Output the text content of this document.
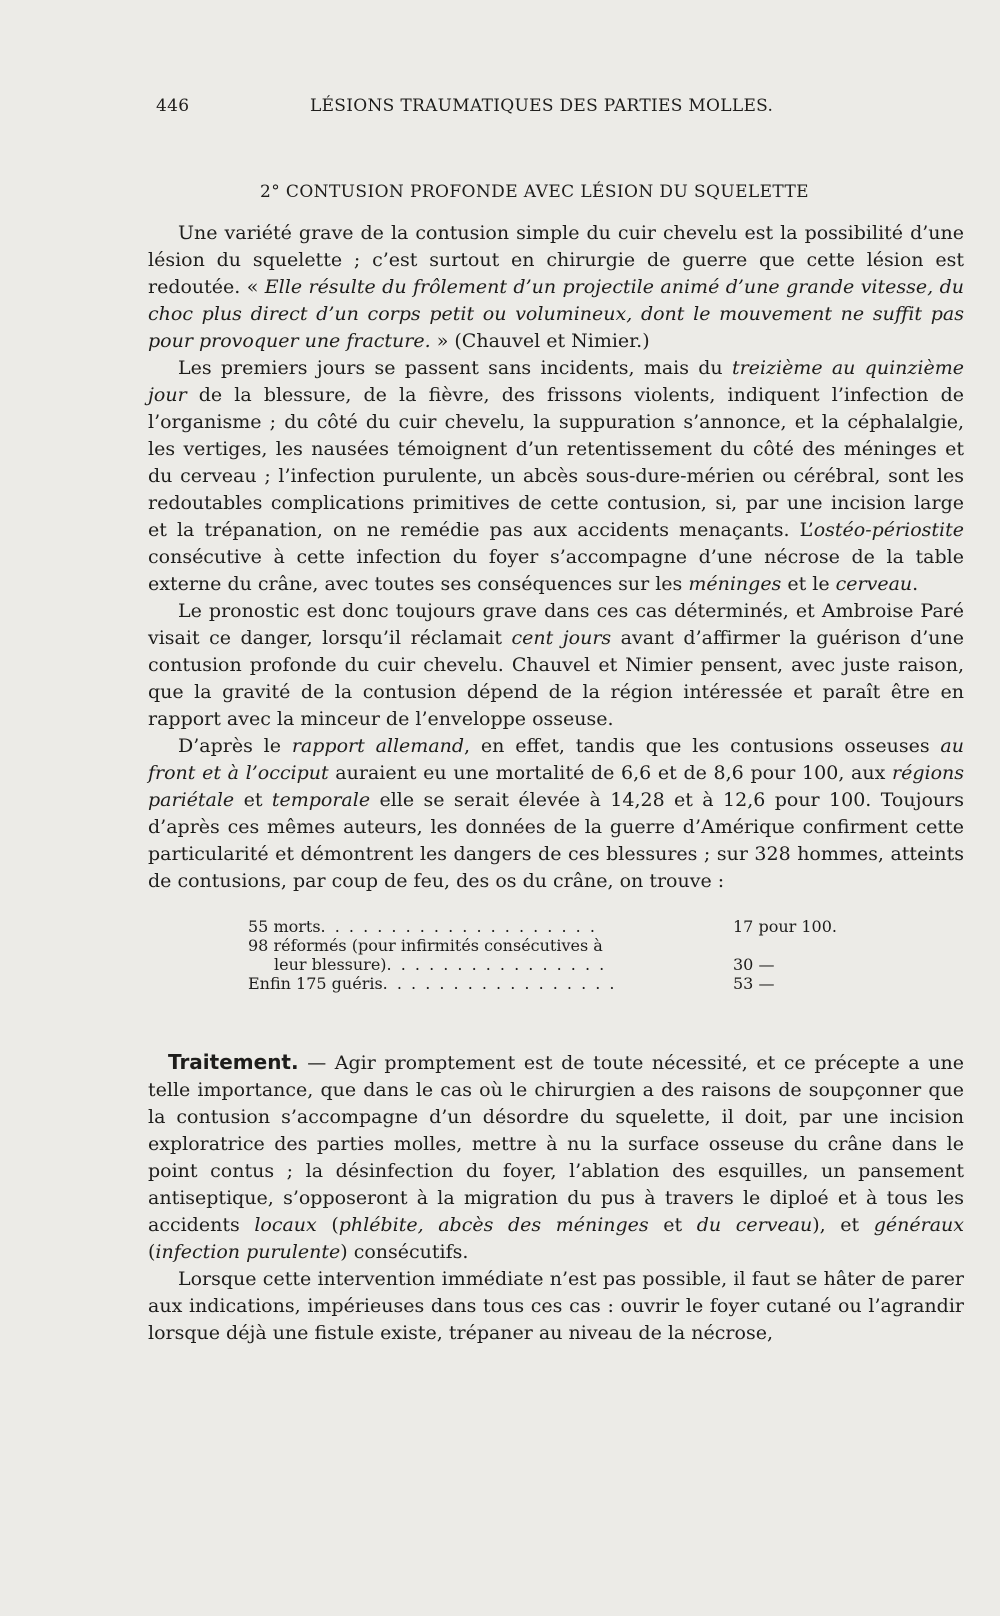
446	LÉSIONS TRAUMATIQUES DES PARTIES MOLLES.
2° CONTUSION PROFONDE AVEC LÉSION DU SQUELETTE

Une variété grave de la contusion simple du cuir chevelu est la possibilité d’une lésion du squelette ; c’est surtout en chirurgie de guerre que cette lésion est redoutée. « Elle résulte du frôlement d’un projectile animé d’une grande vitesse, du choc plus direct d’un corps petit ou volumineux, dont le mouvement ne suffit pas pour provoquer une fracture. » (Chauvel et Nimier.)

Les premiers jours se passent sans incidents, mais du treizième au quinzième jour de la blessure, de la fièvre, des frissons violents, indiquent l’infection de l’organisme ; du côté du cuir chevelu, la suppuration s’annonce, et la céphalalgie, les vertiges, les nausées témoignent d’un retentissement du côté des méninges et du cerveau ; l’infection purulente, un abcès sous-dure-mérien ou cérébral, sont les redoutables complications primitives de cette contusion, si, par une incision large et la trépanation, on ne remédie pas aux accidents menaçants. L’ostéo-périostite consécutive à cette infection du foyer s’accompagne d’une nécrose de la table externe du crâne, avec toutes ses conséquences sur les méninges et le cerveau.

Le pronostic est donc toujours grave dans ces cas déterminés, et Ambroise Paré visait ce danger, lorsqu’il réclamait cent jours avant d’affirmer la guérison d’une contusion profonde du cuir chevelu. Chauvel et Nimier pensent, avec juste raison, que la gravité de la contusion dépend de la région intéressée et paraît être en rapport avec la minceur de l’enveloppe osseuse.

D’après le rapport allemand, en effet, tandis que les contusions osseuses au front et à l’occiput auraient eu une mortalité de 6,6 et de 8,6 pour 100, aux régions pariétale et temporale elle se serait élevée à 14,28 et à 12,6 pour 100. Toujours d’après ces mêmes auteurs, les données de la guerre d’Amérique confirment cette particularité et démontrent les dangers de ces blessures ; sur 328 hommes, atteints de contusions, par coup de feu, des os du crâne, on trouve :

55 morts. . . . . . . . . . . . . . . . . . . .	17 pour 100.
98 réformés (pour infirmités consécutives à
leur blessure). . . . . . . . . . . . . . . .	30 —
Enfin 175 guéris. . . . . . . . . . . . . . . . .	53 —

Traitement. — Agir promptement est de toute nécessité, et ce précepte a une telle importance, que dans le cas où le chirurgien a des raisons de soupçonner que la contusion s’accompagne d’un désordre du squelette, il doit, par une incision exploratrice des parties molles, mettre à nu la surface osseuse du crâne dans le point contus ; la désinfection du foyer, l’ablation des esquilles, un pansement antiseptique, s’opposeront à la migration du pus à travers le diploé et à tous les accidents locaux (phlébite, abcès des méninges et du cerveau), et généraux (infection purulente) consécutifs.

Lorsque cette intervention immédiate n’est pas possible, il faut se hâter de parer aux indications, impérieuses dans tous ces cas : ouvrir le foyer cutané ou l’agrandir lorsque déjà une fistule existe, trépaner au niveau de la nécrose,
